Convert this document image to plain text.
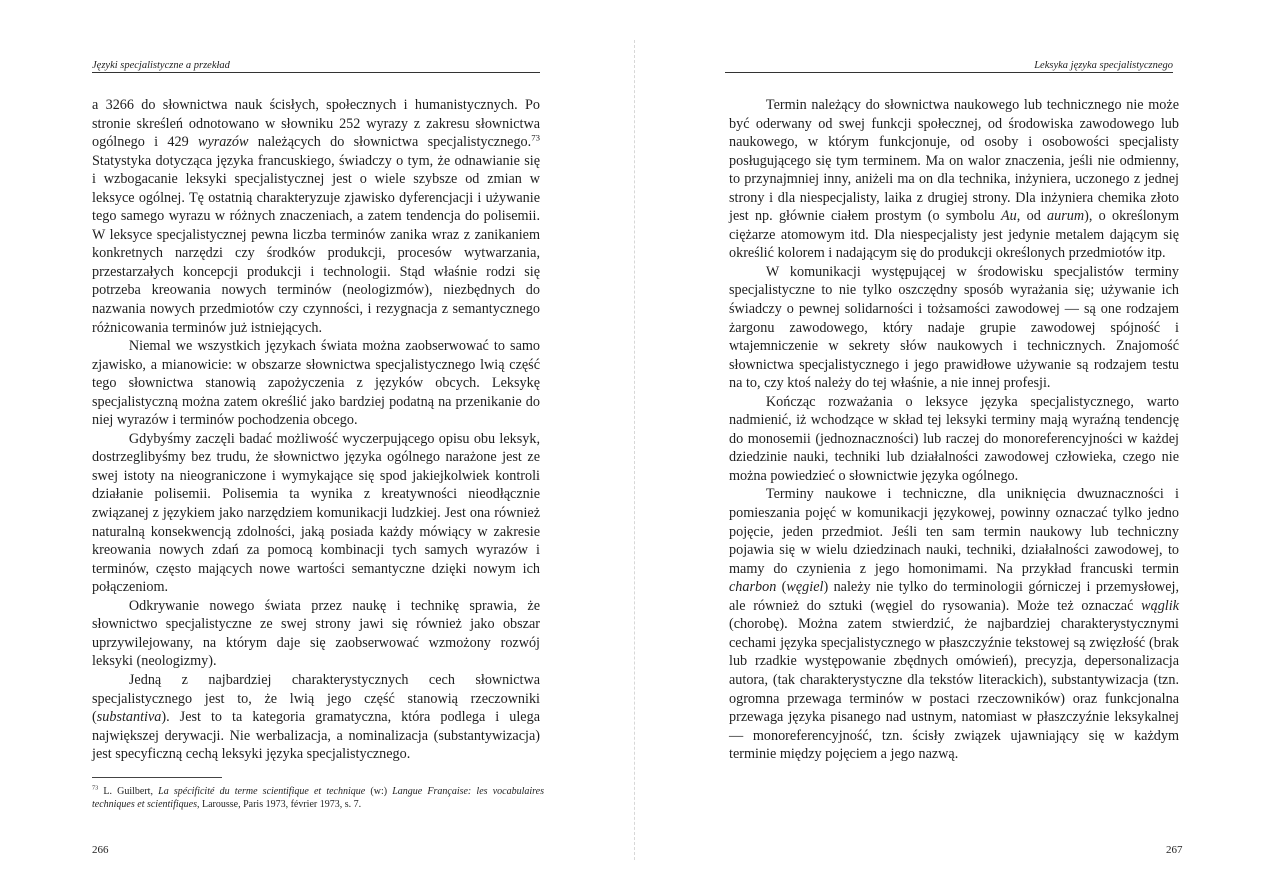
Języki specjalistyczne a przekład

a 3266 do słownictwa nauk ścisłych, społecznych i humanistycznych. Po stronie skreśleń odnotowano w słowniku 252 wyrazy z zakresu słownictwa ogólnego i 429 wyrazów należących do słownictwa specjalistycznego.$^{73}$ Statystyka dotycząca języka francuskiego, świadczy o tym, że odnawianie się i wzbogacanie leksyki specjalistycznej jest o wiele szybsze od zmian w leksyce ogólnej. Tę ostatnią charakteryzuje zjawisko dyferencjacji i używanie tego samego wyrazu w różnych znaczeniach, a zatem tendencja do polisemii. W leksyce specjalistycznej pewna liczba terminów zanika wraz z zanikaniem konkretnych narzędzi czy środków produkcji, procesów wytwarzania, przestarzałych koncepcji produkcji i technologii. Stąd właśnie rodzi się potrzeba kreowania nowych terminów (neologizmów), niezbędnych do nazwania nowych przedmiotów czy czynności, i rezygnacja z semantycznego różnicowania terminów już istniejących.

Niemal we wszystkich językach świata można zaobserwować to samo zjawisko, a mianowicie: w obszarze słownictwa specjalistycznego lwią część tego słownictwa stanowią zapożyczenia z języków obcych. Leksykę specjalistyczną można zatem określić jako bardziej podatną na przenikanie do niej wyrazów i terminów pochodzenia obcego.

Gdybyśmy zaczęli badać możliwość wyczerpującego opisu obu leksyk, dostrzeglibyśmy bez trudu, że słownictwo języka ogólnego narażone jest ze swej istoty na nieograniczone i wymykające się spod jakiejkolwiek kontroli działanie polisemii. Polisemia ta wynika z kreatywności nieodłącznie związanej z językiem jako narzędziem komunikacji ludzkiej. Jest ona również naturalną konsekwencją zdolności, jaką posiada każdy mówiący w zakresie kreowania nowych zdań za pomocą kombinacji tych samych wyrazów i terminów, często mających nowe wartości semantyczne dzięki nowym ich połączeniom.

Odkrywanie nowego świata przez naukę i technikę sprawia, że słownictwo specjalistyczne ze swej strony jawi się również jako obszar uprzywilejowany, na którym daje się zaobserwować wzmożony rozwój leksyki (neologizmy).

Jedną z najbardziej charakterystycznych cech słownictwa specjalistycznego jest to, że lwią jego część stanowią rzeczowniki (substantiva). Jest to ta kategoria gramatyczna, która podlega i ulega największej derywacji. Nie werbalizacja, a nominalizacja (substantywizacja) jest specyficzną cechą leksyki języka specjalistycznego.

$^{73}$ L. Guilbert, La spécificité du terme scientifique et technique (w:) Langue Française: les vocabulaires techniques et scientifiques, Larousse, Paris 1973, février 1973, s. 7.
266
Leksyka języka specjalistycznego

Termin należący do słownictwa naukowego lub technicznego nie może być oderwany od swej funkcji społecznej, od środowiska zawodowego lub naukowego, w którym funkcjonuje, od osoby i osobowości specjalisty posługującego się tym terminem. Ma on walor znaczenia, jeśli nie odmienny, to przynajmniej inny, aniżeli ma on dla technika, inżyniera, uczonego z jednej strony i dla niespecjalisty, laika z drugiej strony. Dla inżyniera chemika złoto jest np. głównie ciałem prostym (o symbolu Au, od aurum), o określonym ciężarze atomowym itd. Dla niespecjalisty jest jedynie metalem dającym się określić kolorem i nadającym się do produkcji określonych przedmiotów itp.

W komunikacji występującej w środowisku specjalistów terminy specjalistyczne to nie tylko oszczędny sposób wyrażania się; używanie ich świadczy o pewnej solidarności i tożsamości zawodowej — są one rodzajem żargonu zawodowego, który nadaje grupie zawodowej spójność i wtajemniczenie w sekrety słów naukowych i technicznych. Znajomość słownictwa specjalistycznego i jego prawidłowe używanie są rodzajem testu na to, czy ktoś należy do tej właśnie, a nie innej profesji.

Kończąc rozważania o leksyce języka specjalistycznego, warto nadmienić, iż wchodzące w skład tej leksyki terminy mają wyraźną tendencję do monosemii (jednoznaczności) lub raczej do monoreferencyjności w każdej dziedzinie nauki, techniki lub działalności zawodowej człowieka, czego nie można powiedzieć o słownictwie języka ogólnego.

Terminy naukowe i techniczne, dla uniknięcia dwuznaczności i pomieszania pojęć w komunikacji językowej, powinny oznaczać tylko jedno pojęcie, jeden przedmiot. Jeśli ten sam termin naukowy lub techniczny pojawia się w wielu dziedzinach nauki, techniki, działalności zawodowej, to mamy do czynienia z jego homonimami. Na przykład francuski termin charbon (węgiel) należy nie tylko do terminologii górniczej i przemysłowej, ale również do sztuki (węgiel do rysowania). Może też oznaczać wąglik (chorobę). Można zatem stwierdzić, że najbardziej charakterystycznymi cechami języka specjalistycznego w płaszczyźnie tekstowej są zwięzłość (brak lub rzadkie występowanie zbędnych omówień), precyzja, depersonalizacja autora, (tak charakterystyczne dla tekstów literackich), substantywizacja (tzn. ogromna przewaga terminów w postaci rzeczowników) oraz funkcjonalna przewaga języka pisanego nad ustnym, natomiast w płaszczyźnie leksykalnej — monoreferencyjność, tzn. ścisły związek ujawniający się w każdym terminie między pojęciem a jego nazwą.

267
